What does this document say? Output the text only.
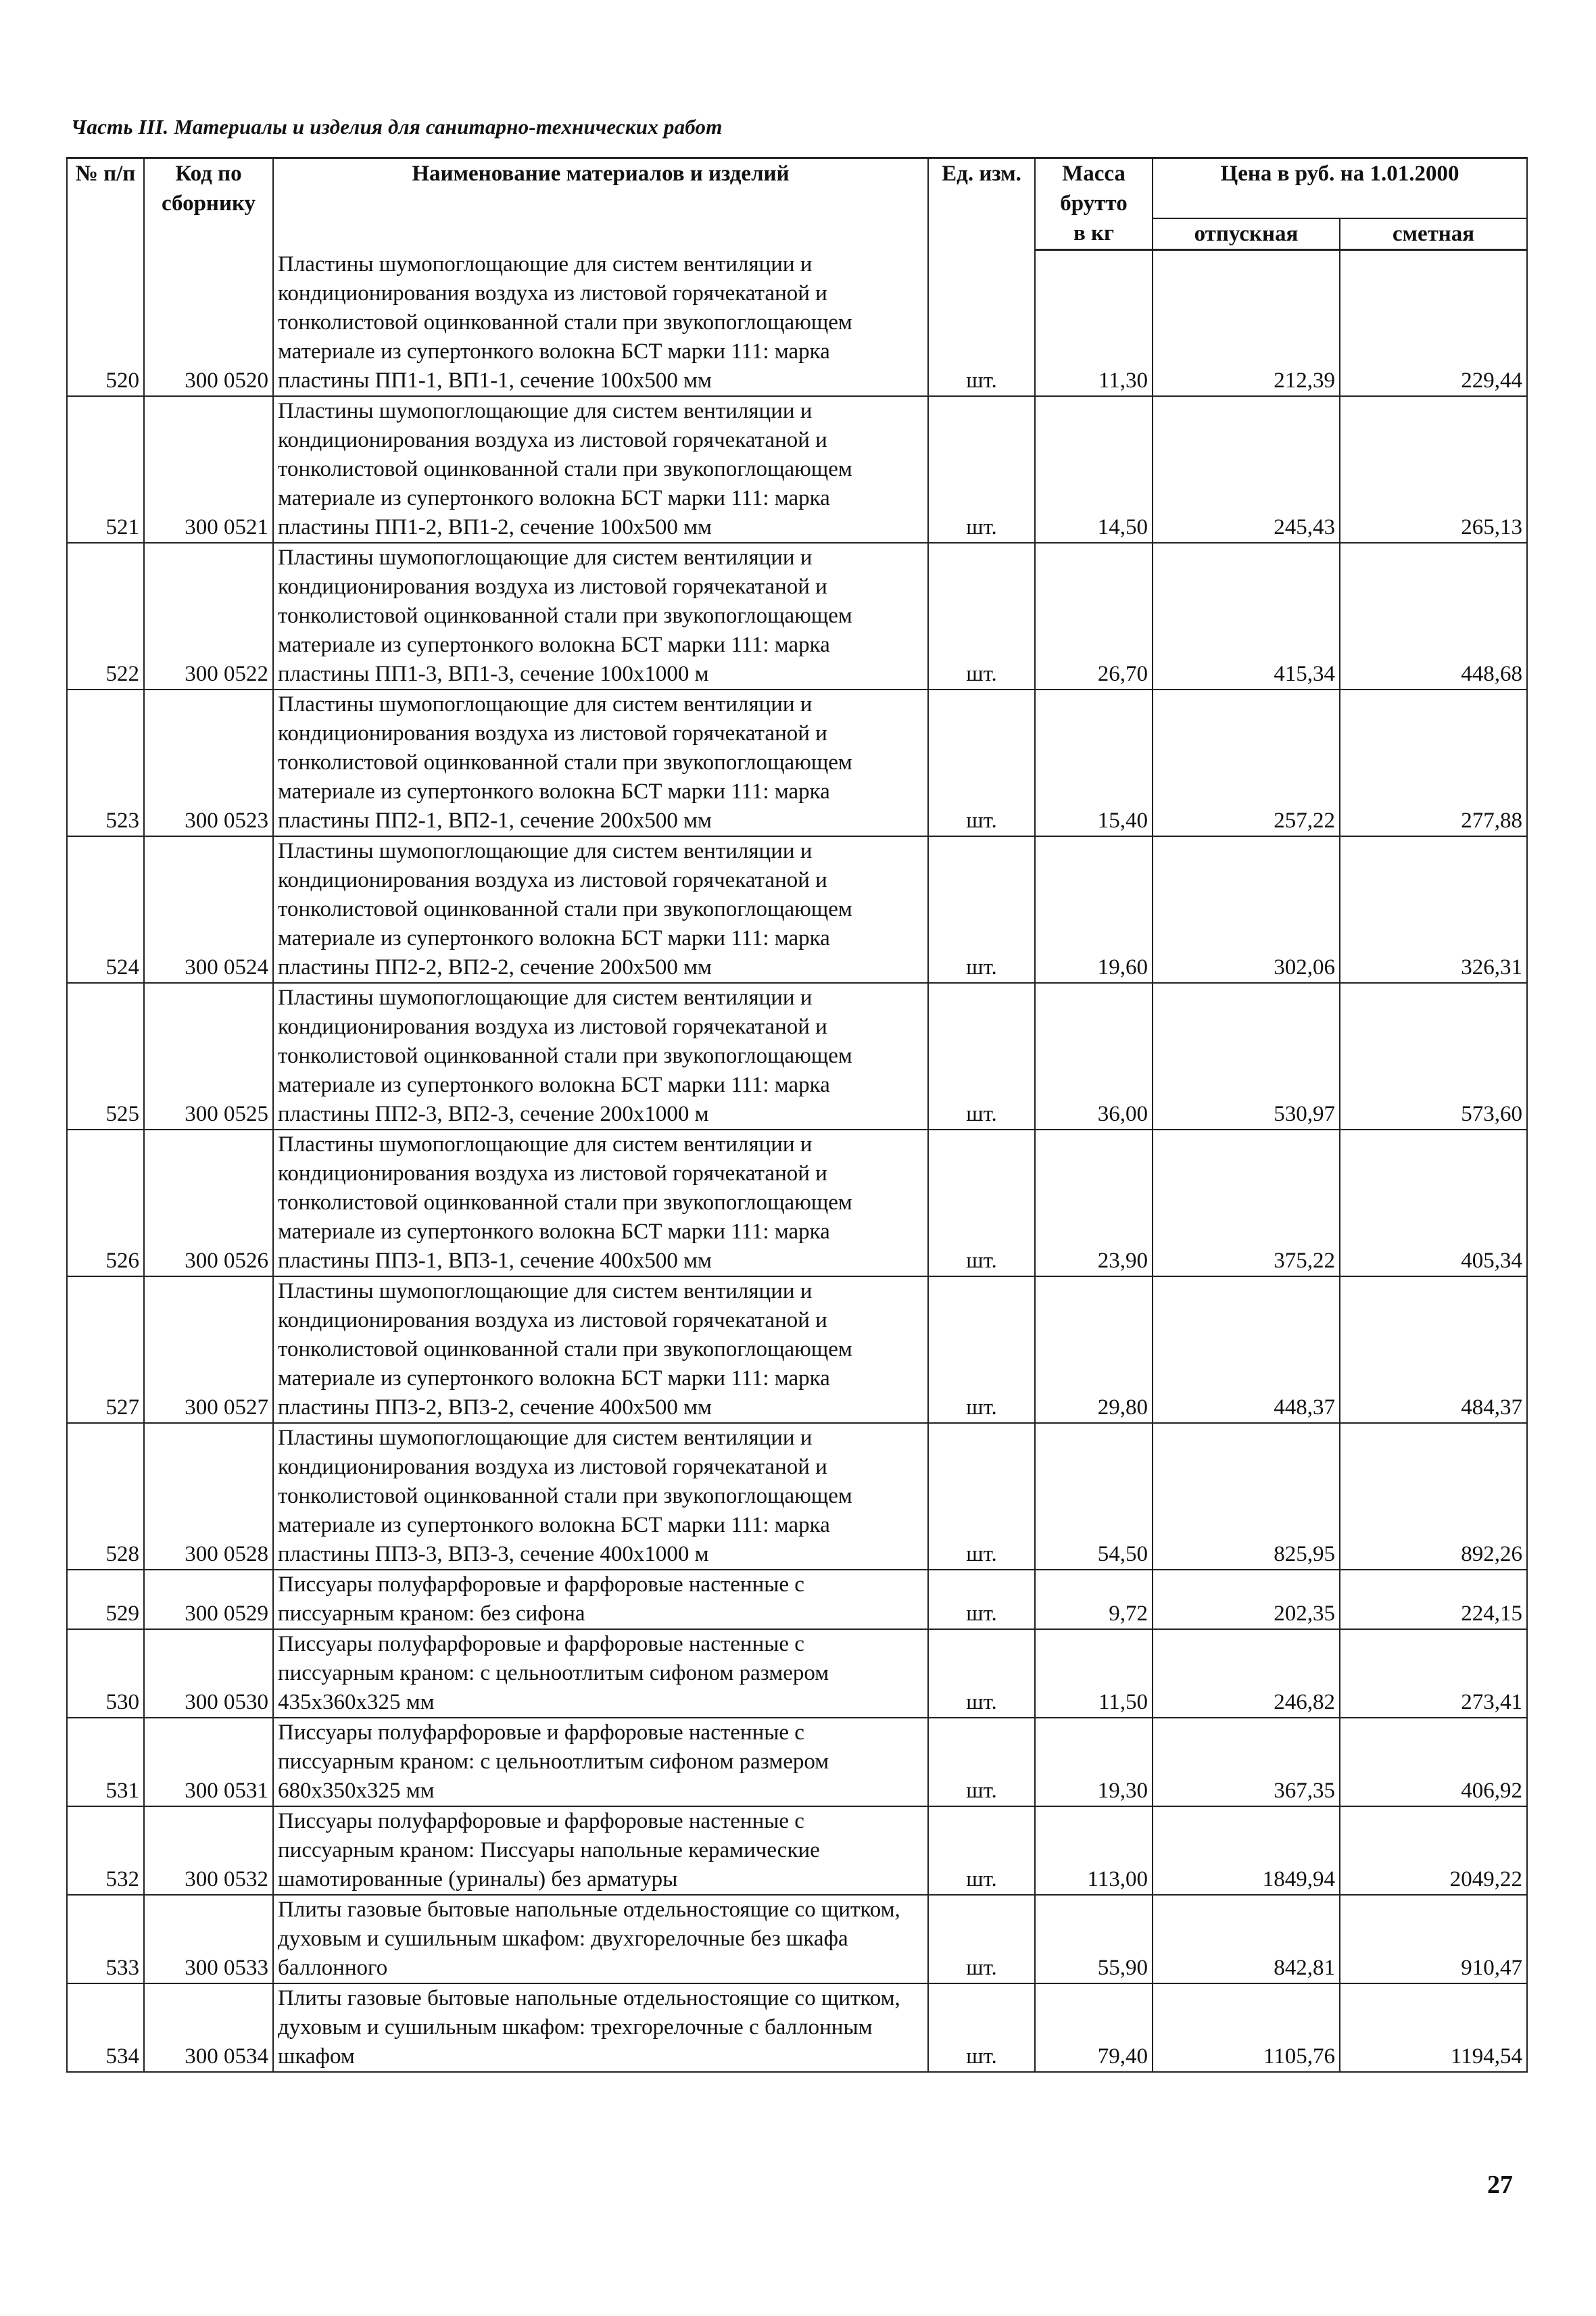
Часть III. Материалы и изделия для санитарно-технических работ
№ п/п	Код по сборнику	Наименование материалов и изделий	Ед. изм.	Масса брутто	Цена в руб. на 1.01.2000	
				в кг	отпускная	сметная
520	300 0520	Пластины шумопоглощающие для систем вентиляции и кондиционирования воздуха из листовой горячекатаной и тонколистовой оцинкованной стали при звукопоглощающем материале из супертонкого волокна БСТ марки 111: марка пластины ПП1-1, ВП1-1, сечение 100х500 мм	шт.	11,30	212,39	229,44
521	300 0521	Пластины шумопоглощающие для систем вентиляции и кондиционирования воздуха из листовой горячекатаной и тонколистовой оцинкованной стали при звукопоглощающем материале из супертонкого волокна БСТ марки 111: марка пластины ПП1-2, ВП1-2, сечение 100х500 мм	шт.	14,50	245,43	265,13
522	300 0522	Пластины шумопоглощающие для систем вентиляции и кондиционирования воздуха из листовой горячекатаной и тонколистовой оцинкованной стали при звукопоглощающем материале из супертонкого волокна БСТ марки 111: марка пластины ПП1-3, ВП1-3, сечение 100х1000 м	шт.	26,70	415,34	448,68
523	300 0523	Пластины шумопоглощающие для систем вентиляции и кондиционирования воздуха из листовой горячекатаной и тонколистовой оцинкованной стали при звукопоглощающем материале из супертонкого волокна БСТ марки 111: марка пластины ПП2-1, ВП2-1, сечение 200х500 мм	шт.	15,40	257,22	277,88
524	300 0524	Пластины шумопоглощающие для систем вентиляции и кондиционирования воздуха из листовой горячекатаной и тонколистовой оцинкованной стали при звукопоглощающем материале из супертонкого волокна БСТ марки 111: марка пластины ПП2-2, ВП2-2, сечение 200х500 мм	шт.	19,60	302,06	326,31
525	300 0525	Пластины шумопоглощающие для систем вентиляции и кондиционирования воздуха из листовой горячекатаной и тонколистовой оцинкованной стали при звукопоглощающем материале из супертонкого волокна БСТ марки 111: марка пластины ПП2-3, ВП2-3, сечение 200х1000 м	шт.	36,00	530,97	573,60
526	300 0526	Пластины шумопоглощающие для систем вентиляции и кондиционирования воздуха из листовой горячекатаной и тонколистовой оцинкованной стали при звукопоглощающем материале из супертонкого волокна БСТ марки 111: марка пластины ПП3-1, ВП3-1, сечение 400х500 мм	шт.	23,90	375,22	405,34
527	300 0527	Пластины шумопоглощающие для систем вентиляции и кондиционирования воздуха из листовой горячекатаной и тонколистовой оцинкованной стали при звукопоглощающем материале из супертонкого волокна БСТ марки 111: марка пластины ПП3-2, ВП3-2, сечение 400х500 мм	шт.	29,80	448,37	484,37
528	300 0528	Пластины шумопоглощающие для систем вентиляции и кондиционирования воздуха из листовой горячекатаной и тонколистовой оцинкованной стали при звукопоглощающем материале из супертонкого волокна БСТ марки 111: марка пластины ПП3-3, ВП3-3, сечение 400х1000 м	шт.	54,50	825,95	892,26
529	300 0529	Писсуары полуфарфоровые и фарфоровые настенные с писсуарным краном: без сифона	шт.	9,72	202,35	224,15
530	300 0530	Писсуары полуфарфоровые и фарфоровые настенные с писсуарным краном: с цельноотлитым сифоном размером 435х360х325 мм	шт.	11,50	246,82	273,41
531	300 0531	Писсуары полуфарфоровые и фарфоровые настенные с писсуарным краном: с цельноотлитым сифоном размером 680х350х325 мм	шт.	19,30	367,35	406,92
532	300 0532	Писсуары полуфарфоровые и фарфоровые настенные с писсуарным краном: Писсуары напольные керамические шамотированные (уриналы) без арматуры	шт.	113,00	1849,94	2049,22
533	300 0533	Плиты газовые бытовые напольные отдельностоящие со щитком, духовым и сушильным шкафом: двухгорелочные без шкафа баллонного	шт.	55,90	842,81	910,47
534	300 0534	Плиты газовые бытовые напольные отдельностоящие со щитком, духовым и сушильным шкафом: трехгорелочные с баллонным шкафом	шт.	79,40	1105,76	1194,54
27
